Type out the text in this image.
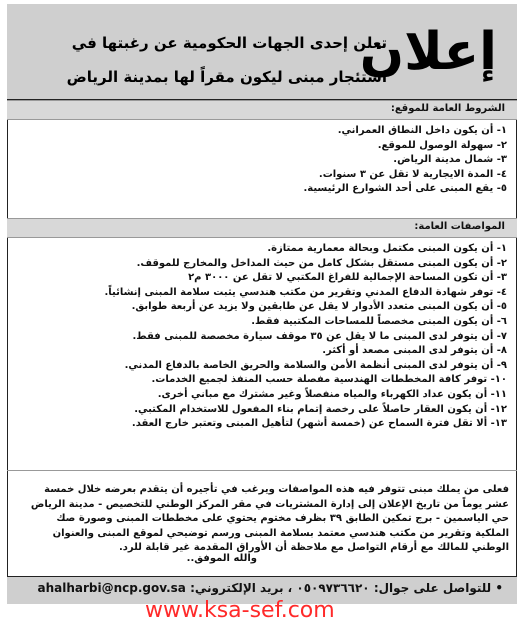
إعلان
تعلن إحدى الجهات الحكومية عن رغبتها في استئجار مبنى ليكون مقراً لها بمدينة الرياض
الشروط العامة للموقع:
١- أن يكون داخل النطاق العمراني.
٢- سهولة الوصول للموقع.
٣- شمال مدينة الرياض.
٤- المدة الايجارية لا تقل عن ٣ سنوات.
٥- يقع المبنى على أحد الشوارع الرئيسية.
المواصفات العامة:
١- أن يكون المبنى مكتمل وبحالة معمارية ممتازة.
٢- أن يكون المبنى مستقل بشكل كامل من حيث المداخل والمخارج للموقف.
٣- أن تكون المساحة الإجمالية للفراغ المكتبي لا تقل عن ٣٠٠٠ م٢
٤- توفر شهادة الدفاع المدني وتقرير من مكتب هندسي يثبت سلامة المبنى إنشائياً.
٥- أن يكون المبنى متعدد الأدوار لا يقل عن طابقين ولا يزيد عن أربعة طوابق.
٦- أن يكون المبنى مخصصاً للمساحات المكتبية فقط.
٧- أن يتوفر لدى المبنى ما لا يقل عن ٣٥ موقف سيارة مخصصة للمبنى فقط.
٨- أن يتوفر لدى المبنى مصعد أو أكثر.
٩- أن يتوفر لدى المبنى أنظمة الأمن والسلامة والحريق الخاصة بالدفاع المدني.
١٠- توفر كافة المخططات الهندسية مفصلة حسب المنفذ لجميع الخدمات.
١١- أن يكون عداد الكهرباء والمياه منفصلاً وغير مشترك مع مباني أخرى.
١٢- أن يكون العقار حاصلاً على رخصة إتمام بناء المفعول للاستخدام المكتبي.
١٣- ألا تقل فترة السماح عن (خمسة أشهر) لتأهيل المبنى وتعتبر خارج العقد.
فعلى من يملك مبنى تتوفر فيه هذه المواصفات ويرغب في تأجيره أن يتقدم بعرضه خلال خمسة عشر يوماً من تاريخ الإعلان إلى إدارة المشتريات في مقر المركز الوطني للتخصيص - مدينة الرياض حي الياسمين - برج تمكين الطابق ٣٩ بظرف مختوم يحتوي على مخططات المبنى وصورة صك الملكية وتقرير من مكتب هندسي معتمد بسلامة المبنى ورسم توضيحي لموقع المبنى والعنوان الوطني للمالك مع أرقام التواصل مع ملاحظة أن الأوراق المقدمة غير قابلة للرد.
والله الموفق..
• للتواصل على جوال: ٠٥٠٩٧٣٦٦٢٠ ، بريد الإلكتروني: ahalharbi@ncp.gov.sa
www.ksa-sef.com
